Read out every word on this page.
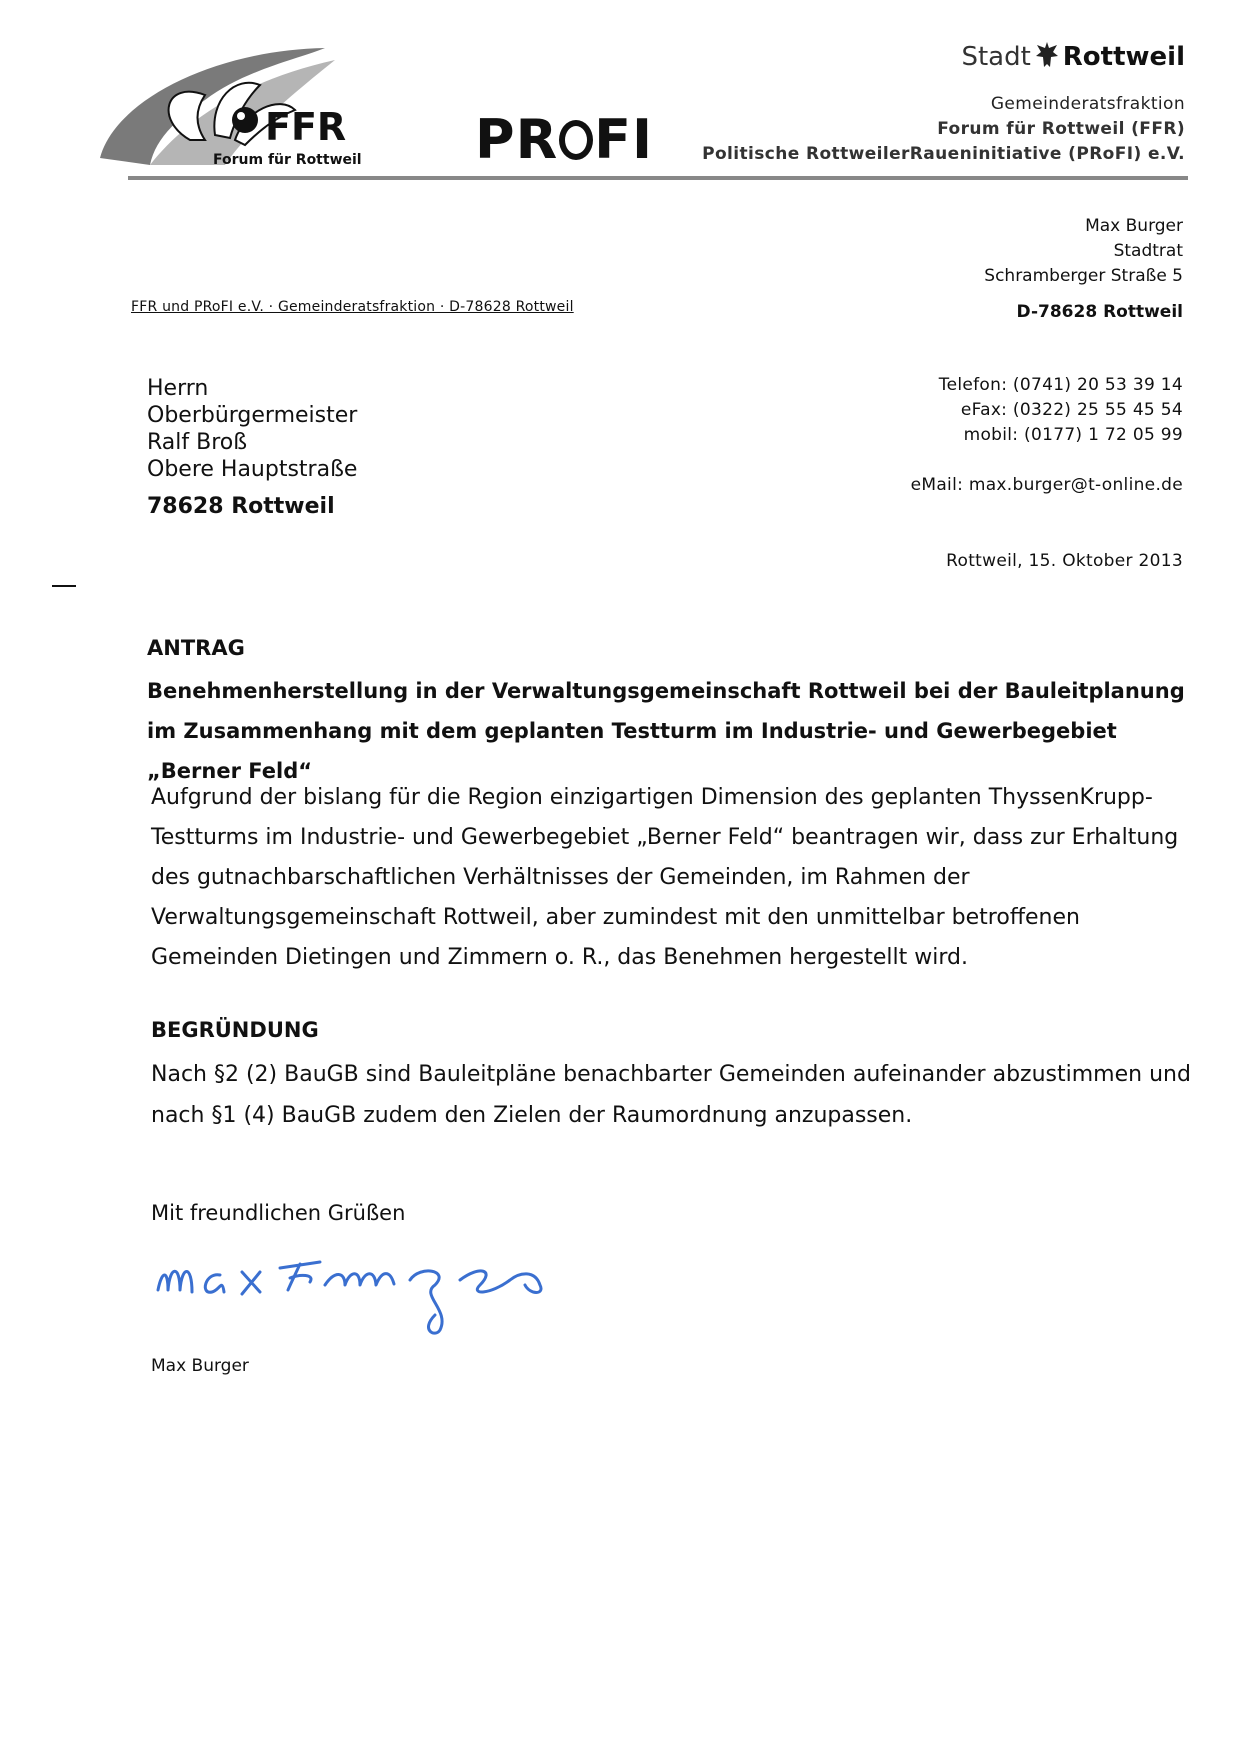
FFR
Forum für Rottweil PR FI
Stadt Rottweil
Gemeinderatsfraktion
Forum für Rottweil (FFR)
Politische RottweilerRaueninitiative (PRoFI) e.V.
Max Burger
Stadtrat
Schramberger Straße 5
D-78628 Rottweil
FFR und PRoFI e.V. · Gemeinderatsfraktion · D-78628 Rottweil
Herrn
Oberbürgermeister
Ralf Broß
Obere Hauptstraße
78628 Rottweil
Telefon: (0741) 20 53 39 14
eFax: (0322) 25 55 45 54
mobil: (0177) 1 72 05 99
eMail: max.burger@t-online.de
Rottweil, 15. Oktober 2013
ANTRAG
Benehmenherstellung in der Verwaltungsgemeinschaft Rottweil bei der Bauleitplanung im Zusammenhang mit dem geplanten Testturm im Industrie- und Gewerbegebiet „Berner Feld“
Aufgrund der bislang für die Region einzigartigen Dimension des geplanten ThyssenKrupp-Testturms im Industrie- und Gewerbegebiet „Berner Feld“ beantragen wir, dass zur Erhaltung des gutnachbarschaftlichen Verhältnisses der Gemeinden, im Rahmen der Verwaltungsgemeinschaft Rottweil, aber zumindest mit den unmittelbar betroffenen Gemeinden Dietingen und Zimmern o. R., das Benehmen hergestellt wird.
BEGRÜNDUNG
Nach §2 (2) BauGB sind Bauleitpläne benachbarter Gemeinden aufeinander abzustimmen und nach §1 (4) BauGB zudem den Zielen der Raumordnung anzupassen.
Mit freundlichen Grüßen
Max Burger
